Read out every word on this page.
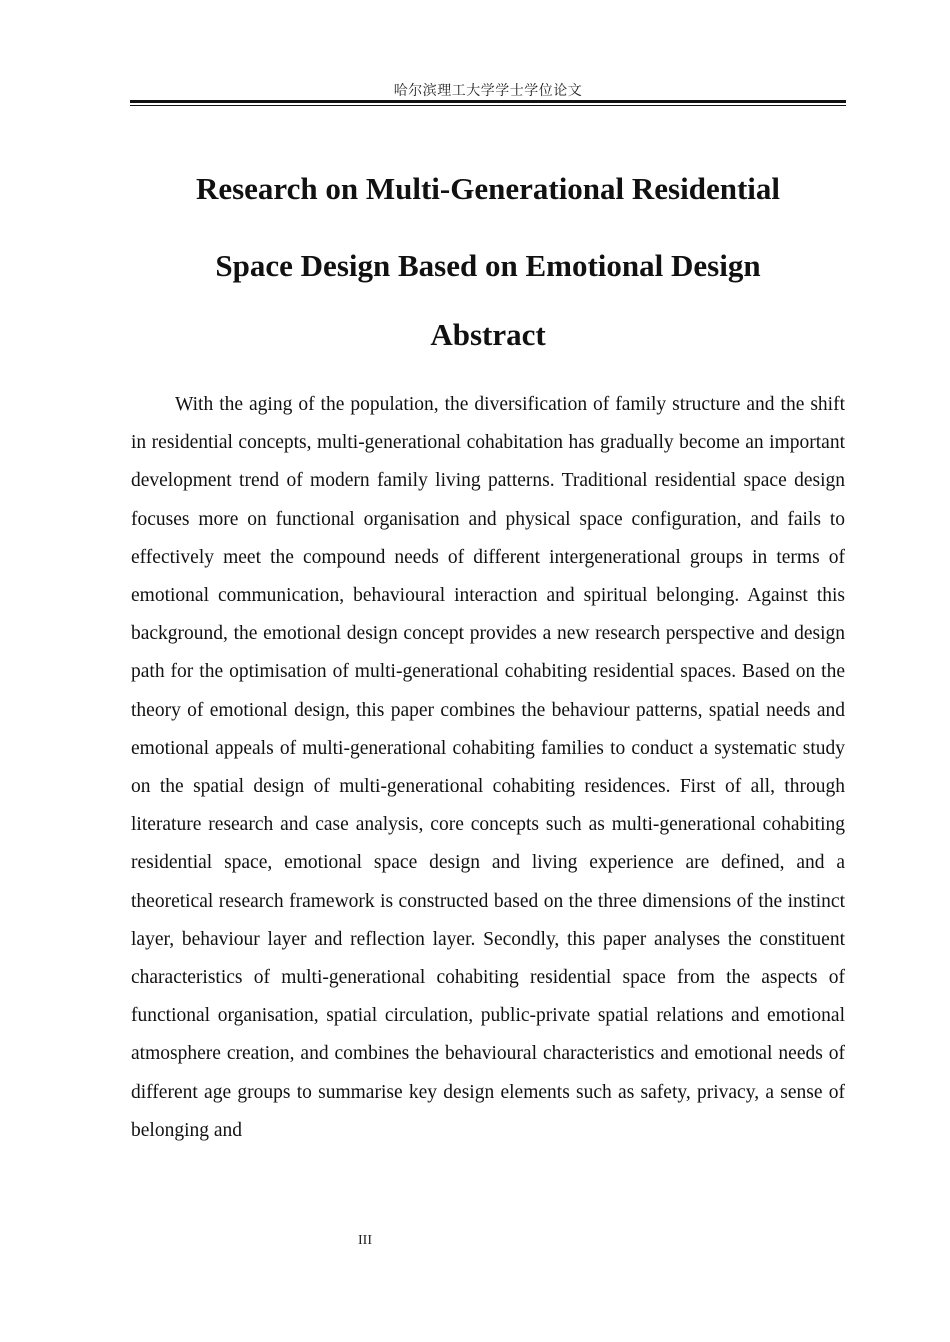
哈尔滨理工大学学士学位论文
Research on Multi-Generational Residential
Space Design Based on Emotional Design
Abstract

With the aging of the population, the diversification of family structure and the shift in residential concepts, multi-generational cohabitation has gradually become an important development trend of modern family living patterns. Traditional residential space design focuses more on functional organisation and physical space configuration, and fails to effectively meet the compound needs of different intergenerational groups in terms of emotional communication, behavioural interaction and spiritual belonging. Against this background, the emotional design concept provides a new research perspective and design path for the optimisation of multi-generational cohabiting residential spaces. Based on the theory of emotional design, this paper combines the behaviour patterns, spatial needs and emotional appeals of multi-generational cohabiting families to conduct a systematic study on the spatial design of multi-generational cohabiting residences. First of all, through literature research and case analysis, core concepts such as multi-generational cohabiting residential space, emotional space design and living experience are defined, and a theoretical research framework is constructed based on the three dimensions of the instinct layer, behaviour layer and reflection layer. Secondly, this paper analyses the constituent characteristics of multi-generational cohabiting residential space from the aspects of functional organisation, spatial circulation, public-private spatial relations and emotional atmosphere creation, and combines the behavioural characteristics and emotional needs of different age groups to summarise key design elements such as safety, privacy, a sense of belonging and

III
